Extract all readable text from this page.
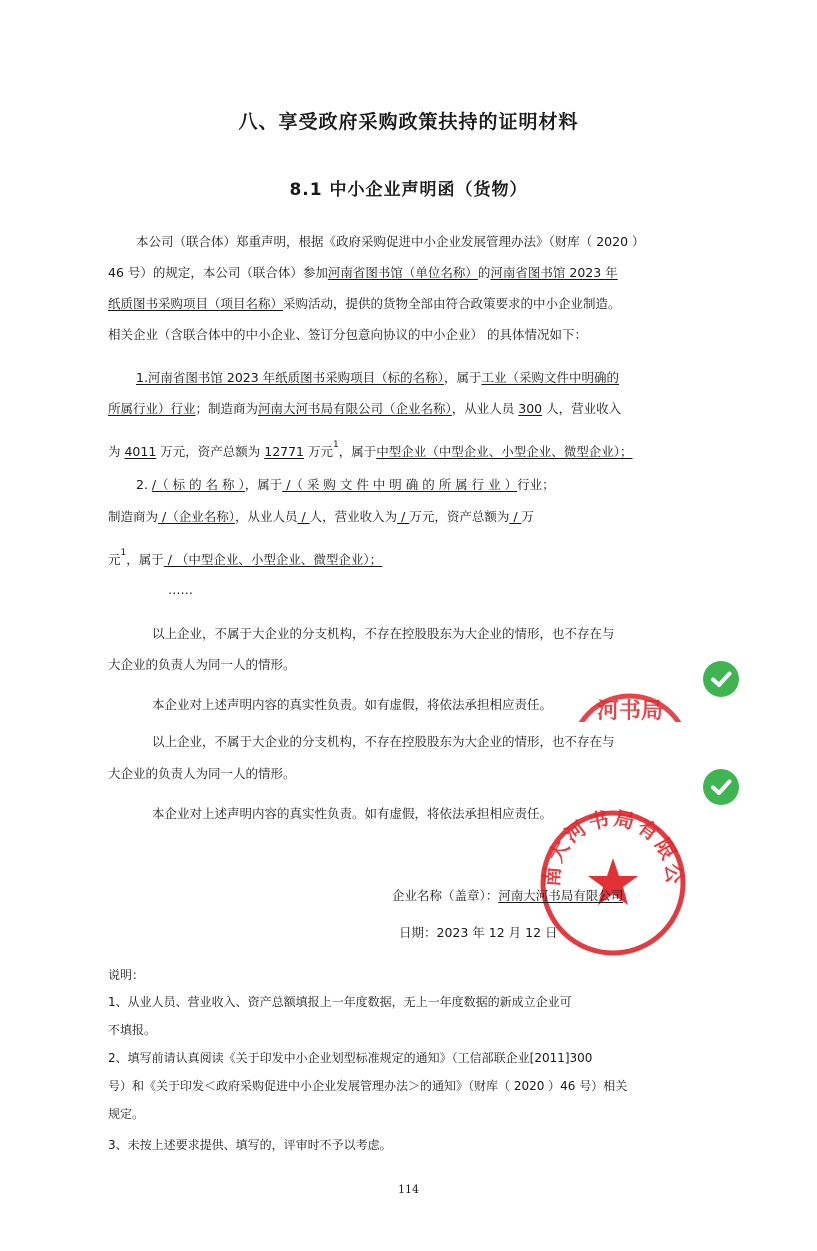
八、享受政府采购政策扶持的证明材料
8.1 中小企业声明函（货物）
本公司（联合体）郑重声明，根据《政府采购促进中小企业发展管理办法》（财库（ 2020 ）
46 号）的规定，本公司（联合体）参加河南省图书馆（单位名称）的河南省图书馆 2023 年
纸质图书采购项目（项目名称）采购活动，提供的货物全部由符合政策要求的中小企业制造。
相关企业（含联合体中的中小企业、签订分包意向协议的中小企业） 的具体情况如下：
1.河南省图书馆 2023 年纸质图书采购项目（标的名称），属于工业（采购文件中明确的
所属行业）行业；制造商为河南大河书局有限公司（企业名称），从业人员 300 人，营业收入
为 4011 万元，资产总额为 12771 万元$^1$，属于中型企业（中型企业、小型企业、微型企业）；
2. /（ 标 的 名 称 ），属于 /（ 采 购 文 件 中 明 确 的 所 属 行 业 ）行业；
制造商为 /（企业名称），从业人员 / 人，营业收入为 / 万元，资产总额为 / 万
元$^1$，属于 / （中型企业、小型企业、微型企业）；
……
河书局
以上企业，不属于大企业的分支机构，不存在控股股东为大企业的情形，也不存在与
大企业的负责人为同一人的情形。
本企业对上述声明内容的真实性负责。如有虚假，将依法承担相应责任。
以上企业，不属于大企业的分支机构，不存在控股股东为大企业的情形，也不存在与
大企业的负责人为同一人的情形。
本企业对上述声明内容的真实性负责。如有虚假，将依法承担相应责任。
南大河书局有限公
企业名称（盖章）：河南大河书局有限公司
日期：2023 年 12 月 12 日
说明：
1、从业人员、营业收入、资产总额填报上一年度数据，无上一年度数据的新成立企业可
不填报。
2、填写前请认真阅读《关于印发中小企业划型标准规定的通知》（工信部联企业[2011]300
号）和《关于印发＜政府采购促进中小企业发展管理办法＞的通知》（财库（ 2020 ）46 号）相关
规定。
3、未按上述要求提供、填写的，评审时不予以考虑。
114
